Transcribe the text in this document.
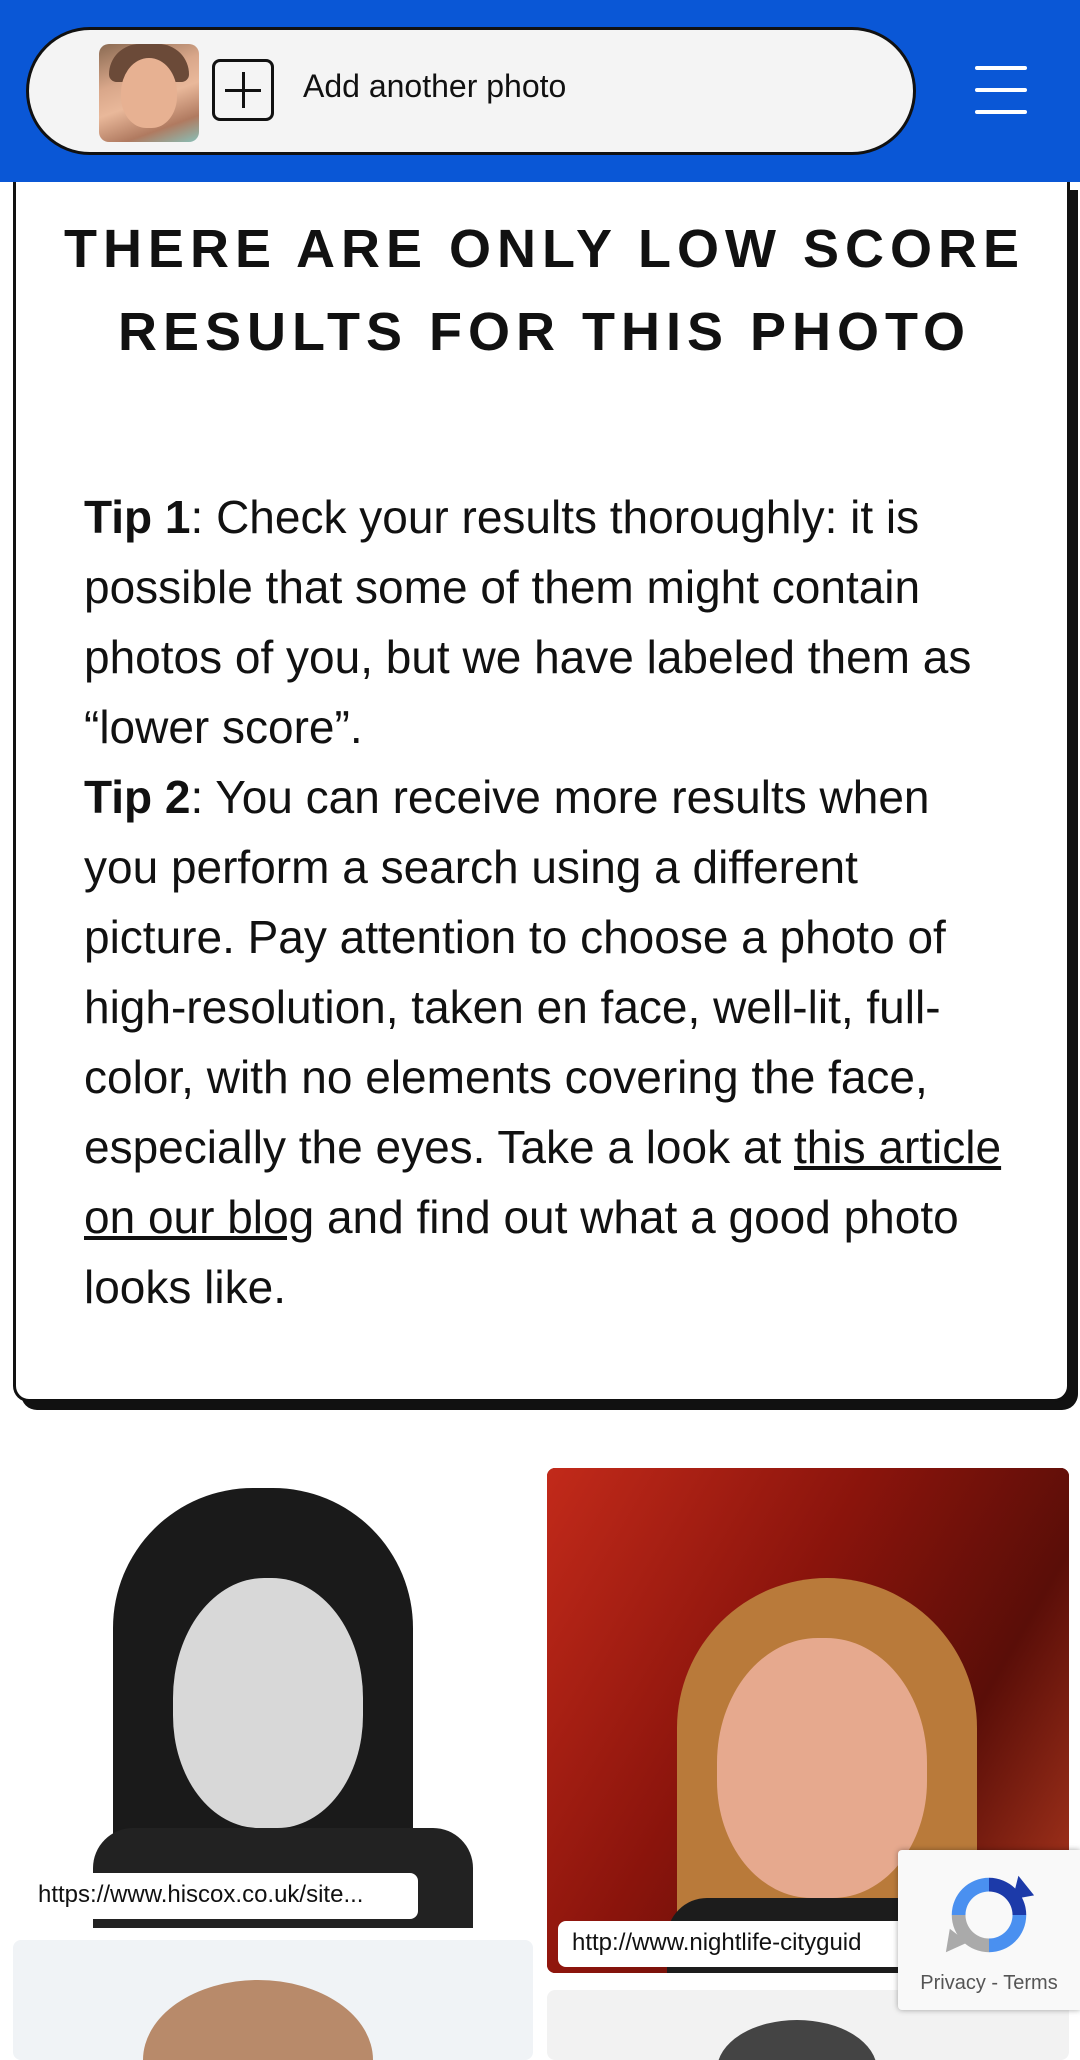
Add another photo
THERE ARE ONLY LOW SCORE RESULTS FOR THIS PHOTO
Tip 1: Check your results thoroughly: it is possible that some of them might contain photos of you, but we have labeled them as “lower score”.
Tip 2: You can receive more results when you perform a search using a different picture. Pay attention to choose a photo of high-resolution, taken en face, well-lit, full-color, with no elements covering the face, especially the eyes. Take a look at this article on our blog and find out what a good photo looks like.
https://www.hiscox.co.uk/site...
http://www.nightlife-cityguid
Privacy - Terms
